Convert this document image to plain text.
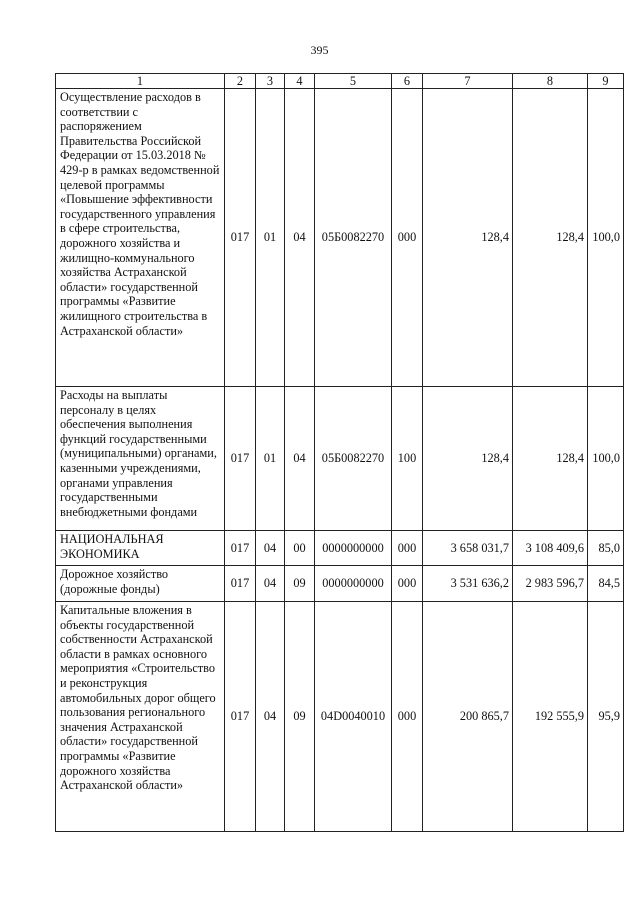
395
1	2	3	4	5	6	7	8	9

Осуществление расходов в соответствии с распоряжением Правительства Российской Федерации от 15.03.2018 № 429-р в рамках ведомственной целевой программы «Повышение эффективности государственного управления в сфере строительства, дорожного хозяйства и жилищно-коммунального хозяйства Астраханской области» государственной программы «Развитие жилищного строительства в Астраханской области»	017	01	04	05Б0082270	000	128,4	128,4	100,0

Расходы на выплаты персоналу в целях обеспечения выполнения функций государственными (муниципальными) органами, казенными учреждениями, органами управления государственными внебюджетными фондами	017	01	04	05Б0082270	100	128,4	128,4	100,0

НАЦИОНАЛЬНАЯ ЭКОНОМИКА	017	04	00	0000000000	000	3 658 031,7	3 108 409,6	85,0

Дорожное хозяйство (дорожные фонды)	017	04	09	0000000000	000	3 531 636,2	2 983 596,7	84,5

Капитальные вложения в объекты государственной собственности Астраханской области в рамках основного мероприятия «Строительство и реконструкция автомобильных дорог общего пользования регионального значения Астраханской области» государственной программы «Развитие дорожного хозяйства Астраханской области»	017	04	09	04D0040010	000	200 865,7	192 555,9	95,9
